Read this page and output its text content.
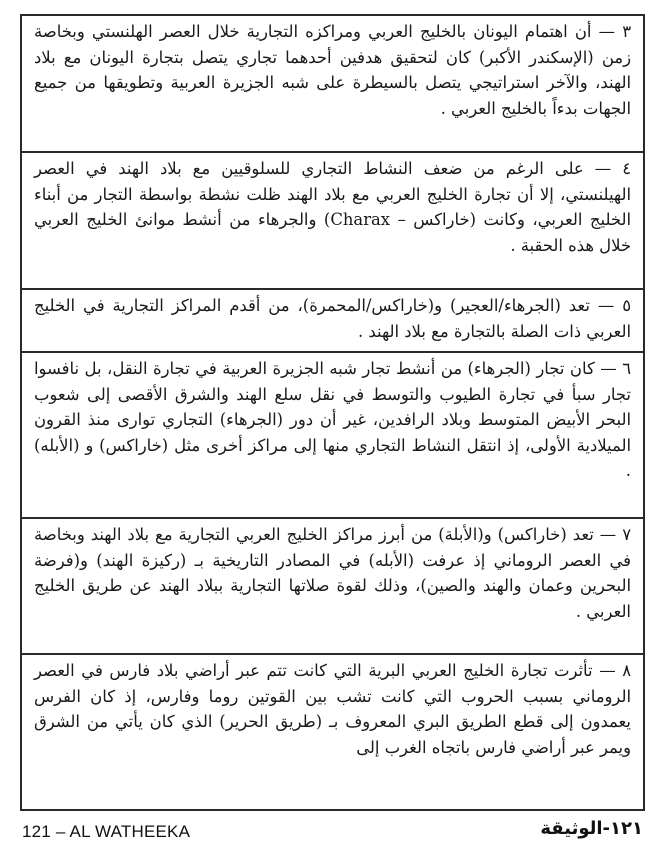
٣ — أن اهتمام اليونان بالخليج العربي ومراكزه التجارية خلال العصر الهلنستي وبخاصة زمن (الإسكندر الأكبر) كان لتحقيق هدفين أحدهما تجاري يتصل بتجارة اليونان مع بلاد الهند، والآخر استراتيجي يتصل بالسيطرة على شبه الجزيرة العربية وتطويقها من جميع الجهات بدءاً بالخليج العربي .
٤ — على الرغم من ضعف النشاط التجاري للسلوقيين مع بلاد الهند في العصر الهيلنستي، إلا أن تجارة الخليج العربي مع بلاد الهند ظلت نشطة بواسطة التجار من أبناء الخليج العربي، وكانت (خاراكس – Charax) والجرهاء من أنشط موانئ الخليج العربي خلال هذه الحقبة .
٥ — تعد (الجرهاء/العجير) و(خاراكس/المحمرة)، من أقدم المراكز التجارية في الخليج العربي ذات الصلة بالتجارة مع بلاد الهند .
٦ — كان تجار (الجرهاء) من أنشط تجار شبه الجزيرة العربية في تجارة النقل، بل نافسوا تجار سبأ في تجارة الطيوب والتوسط في نقل سلع الهند والشرق الأقصى إلى شعوب البحر الأبيض المتوسط وبلاد الرافدين، غير أن دور (الجرهاء) التجاري توارى منذ القرون الميلادية الأولى، إذ انتقل النشاط التجاري منها إلى مراكز أخرى مثل (خاراكس) و (الأبله) .
٧ — تعد (خاراكس) و(الأبلة) من أبرز مراكز الخليج العربي التجارية مع بلاد الهند وبخاصة في العصر الروماني إذ عرفت (الأبله) في المصادر التاريخية بـ (ركيزة الهند) و(فرضة البحرين وعمان والهند والصين)، وذلك لقوة صلاتها التجارية ببلاد الهند عن طريق الخليج العربي .
٨ — تأثرت تجارة الخليج العربي البرية التي كانت تتم عبر أراضي بلاد فارس في العصر الروماني بسبب الحروب التي كانت تشب بين القوتين روما وفارس، إذ كان الفرس يعمدون إلى قطع الطريق البري المعروف بـ (طريق الحرير) الذي كان يأتي من الشرق ويمر عبر أراضي فارس باتجاه الغرب إلى
121 – AL WATHEEKA	١٢١-الوثيقة
